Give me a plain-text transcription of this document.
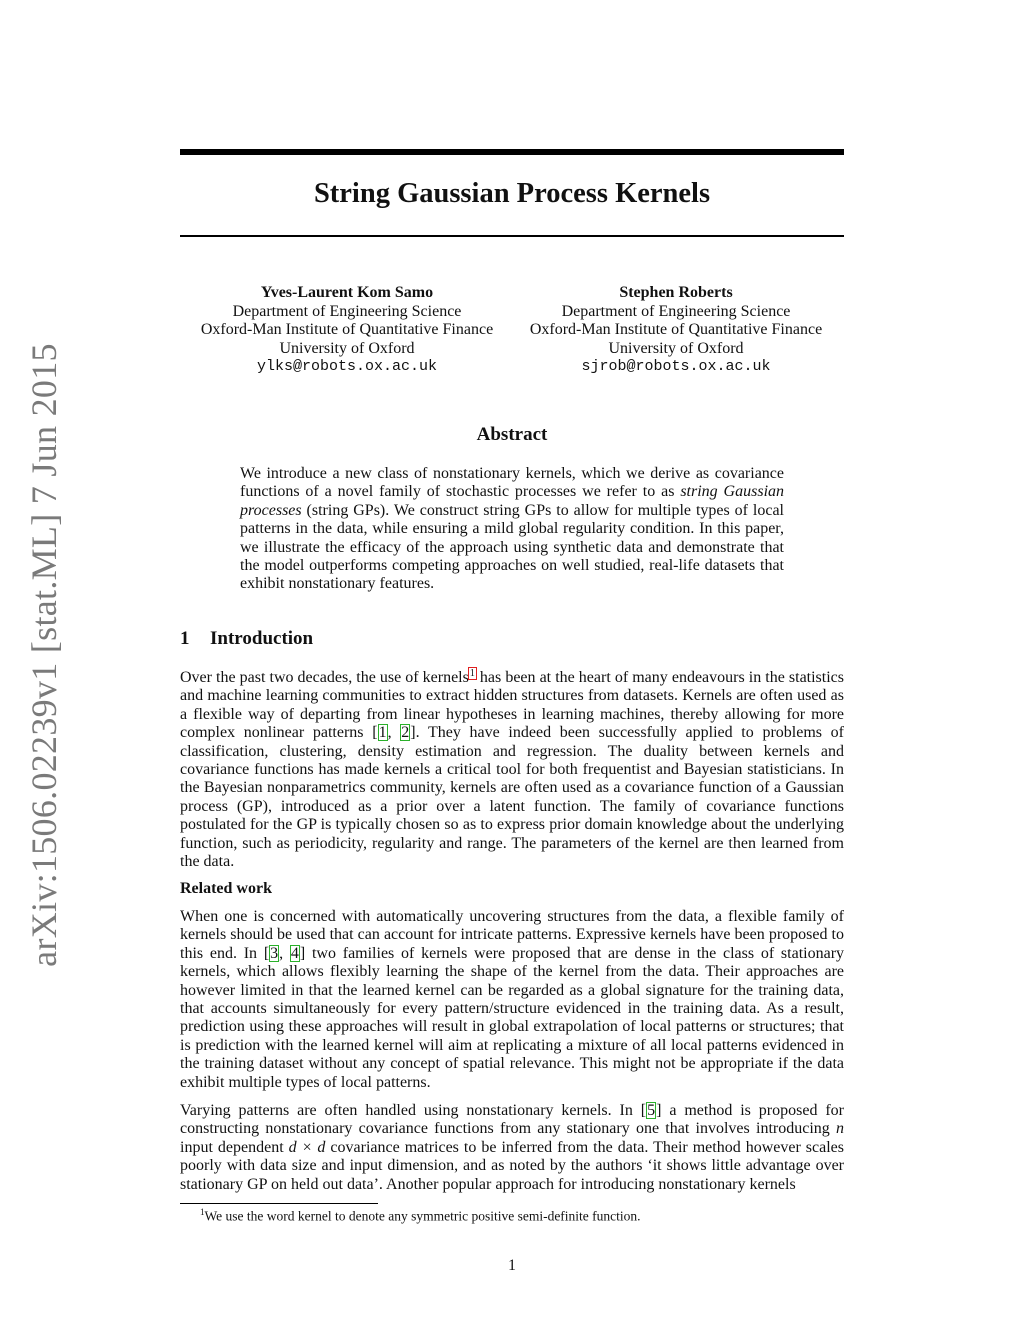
arXiv:1506.02239v1 [stat.ML] 7 Jun 2015
String Gaussian Process Kernels
Yves-Laurent Kom Samo
Department of Engineering Science
Oxford-Man Institute of Quantitative Finance
University of Oxford
ylks@robots.ox.ac.uk
Stephen Roberts
Department of Engineering Science
Oxford-Man Institute of Quantitative Finance
University of Oxford
sjrob@robots.ox.ac.uk
Abstract

We introduce a new class of nonstationary kernels, which we derive as covariance functions of a novel family of stochastic processes we refer to as string Gaussian processes (string GPs). We construct string GPs to allow for multiple types of local patterns in the data, while ensuring a mild global regularity condition. In this paper, we illustrate the efficacy of the approach using synthetic data and demonstrate that the model outperforms competing approaches on well studied, real-life datasets that exhibit nonstationary features.

1 Introduction

Over the past two decades, the use of kernels$^1$ has been at the heart of many endeavours in the statistics and machine learning communities to extract hidden structures from datasets. Kernels are often used as a flexible way of departing from linear hypotheses in learning machines, thereby allowing for more complex nonlinear patterns [1, 2]. They have indeed been successfully applied to problems of classification, clustering, density estimation and regression. The duality between kernels and covariance functions has made kernels a critical tool for both frequentist and Bayesian statisticians. In the Bayesian nonparametrics community, kernels are often used as a covariance function of a Gaussian process (GP), introduced as a prior over a latent function. The family of covariance functions postulated for the GP is typically chosen so as to express prior domain knowledge about the underlying function, such as periodicity, regularity and range. The parameters of the kernel are then learned from the data.

Related work

When one is concerned with automatically uncovering structures from the data, a flexible family of kernels should be used that can account for intricate patterns. Expressive kernels have been proposed to this end. In [3, 4] two families of kernels were proposed that are dense in the class of stationary kernels, which allows flexibly learning the shape of the kernel from the data. Their approaches are however limited in that the learned kernel can be regarded as a global signature for the training data, that accounts simultaneously for every pattern/structure evidenced in the training data. As a result, prediction using these approaches will result in global extrapolation of local patterns or structures; that is prediction with the learned kernel will aim at replicating a mixture of all local patterns evidenced in the training dataset without any concept of spatial relevance. This might not be appropriate if the data exhibit multiple types of local patterns.

Varying patterns are often handled using nonstationary kernels. In [5] a method is proposed for constructing nonstationary covariance functions from any stationary one that involves introducing n input dependent d × d covariance matrices to be inferred from the data. Their method however scales poorly with data size and input dimension, and as noted by the authors ‘it shows little advantage over stationary GP on held out data’. Another popular approach for introducing nonstationary kernels

$^1$We use the word kernel to denote any symmetric positive semi-definite function.
1
